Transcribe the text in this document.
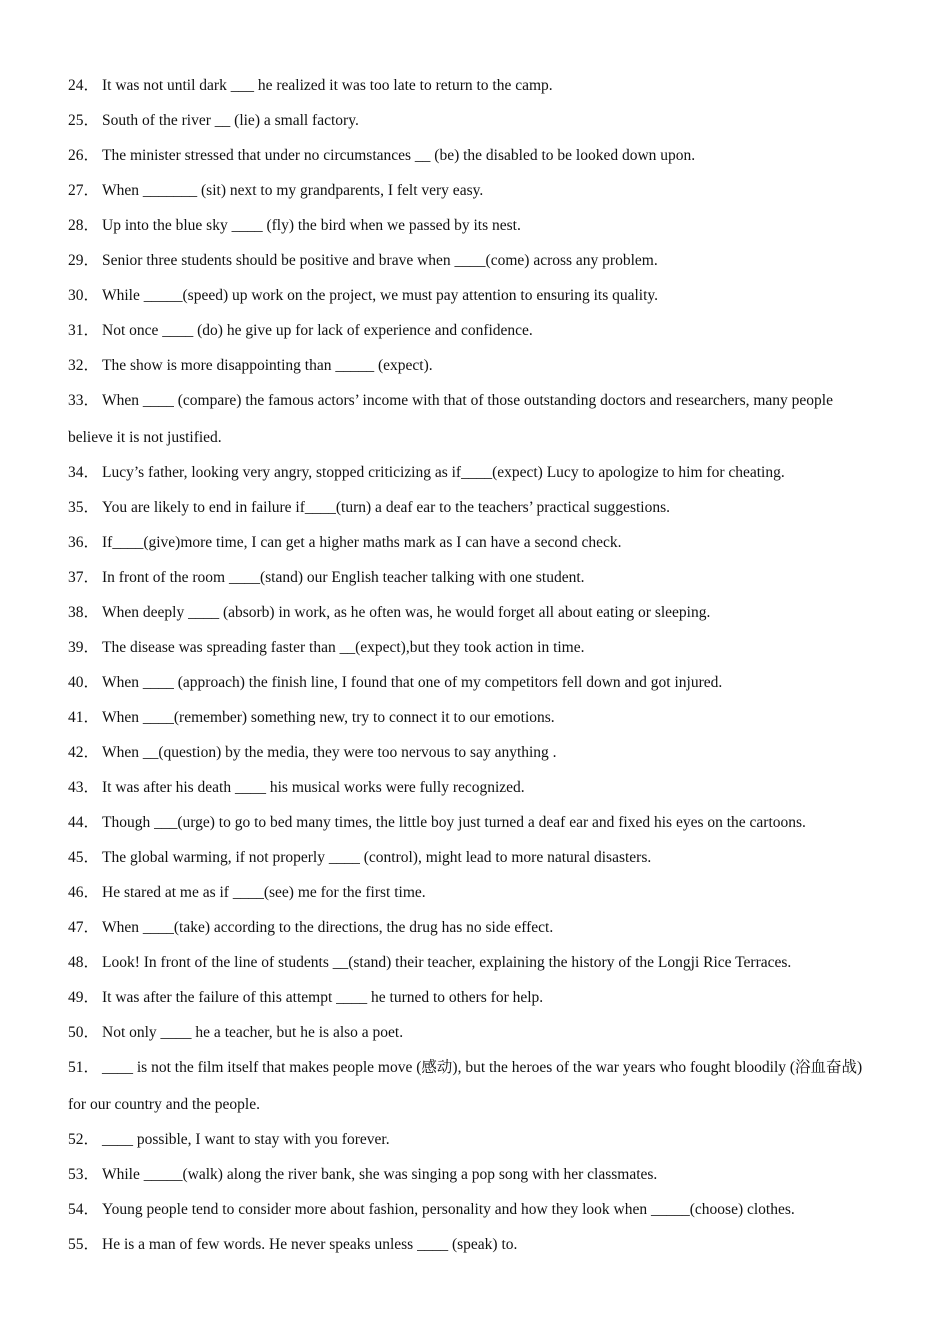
24． It was not until dark ___ he realized it was too late to return to the camp.
25． South of the river __ (lie) a small factory.
26． The minister stressed that under no circumstances __ (be) the disabled to be looked down upon.
27． When _______ (sit) next to my grandparents, I felt very easy.
28． Up into the blue sky ____ (fly) the bird when we passed by its nest.
29． Senior three students should be positive and brave when ____(come) across any problem.
30． While _____(speed) up work on the project, we must pay attention to ensuring its quality.
31． Not once ____ (do) he give up for lack of experience and confidence.
32． The show is more disappointing than _____ (expect).
33． When ____ (compare) the famous actors’ income with that of those outstanding doctors and researchers, many people believe it is not justified.
34． Lucy’s father, looking very angry, stopped criticizing as if____(expect) Lucy to apologize to him for cheating.
35． You are likely to end in failure if____(turn) a deaf ear to the teachers’ practical suggestions.
36． If____(give)more time, I can get a higher maths mark as I can have a second check.
37． In front of the room ____(stand) our English teacher talking with one student.
38． When deeply ____ (absorb) in work, as he often was, he would forget all about eating or sleeping.
39． The disease was spreading faster than __(expect),but they took action in time.
40． When ____ (approach) the finish line, I found that one of my competitors fell down and got injured.
41． When ____(remember) something new, try to connect it to our emotions.
42． When __(question) by the media, they were too nervous to say anything .
43． It was after his death ____ his musical works were fully recognized.
44． Though ___(urge) to go to bed many times, the little boy just turned a deaf ear and fixed his eyes on the cartoons.
45． The global warming, if not properly ____ (control), might lead to more natural disasters.
46． He stared at me as if ____(see) me for the first time.
47． When ____(take) according to the directions, the drug has no side effect.
48． Look! In front of the line of students __(stand) their teacher, explaining the history of the Longji Rice Terraces.
49． It was after the failure of this attempt ____ he turned to others for help.
50． Not only ____ he a teacher, but he is also a poet.
51． ____ is not the film itself that makes people move (感动), but the heroes of the war years who fought bloodily (浴血奋战) for our country and the people.
52． ____ possible, I want to stay with you forever.
53． While _____(walk) along the river bank, she was singing a pop song with her classmates.
54． Young people tend to consider more about fashion, personality and how they look when _____(choose) clothes.
55． He is a man of few words. He never speaks unless ____ (speak) to.
